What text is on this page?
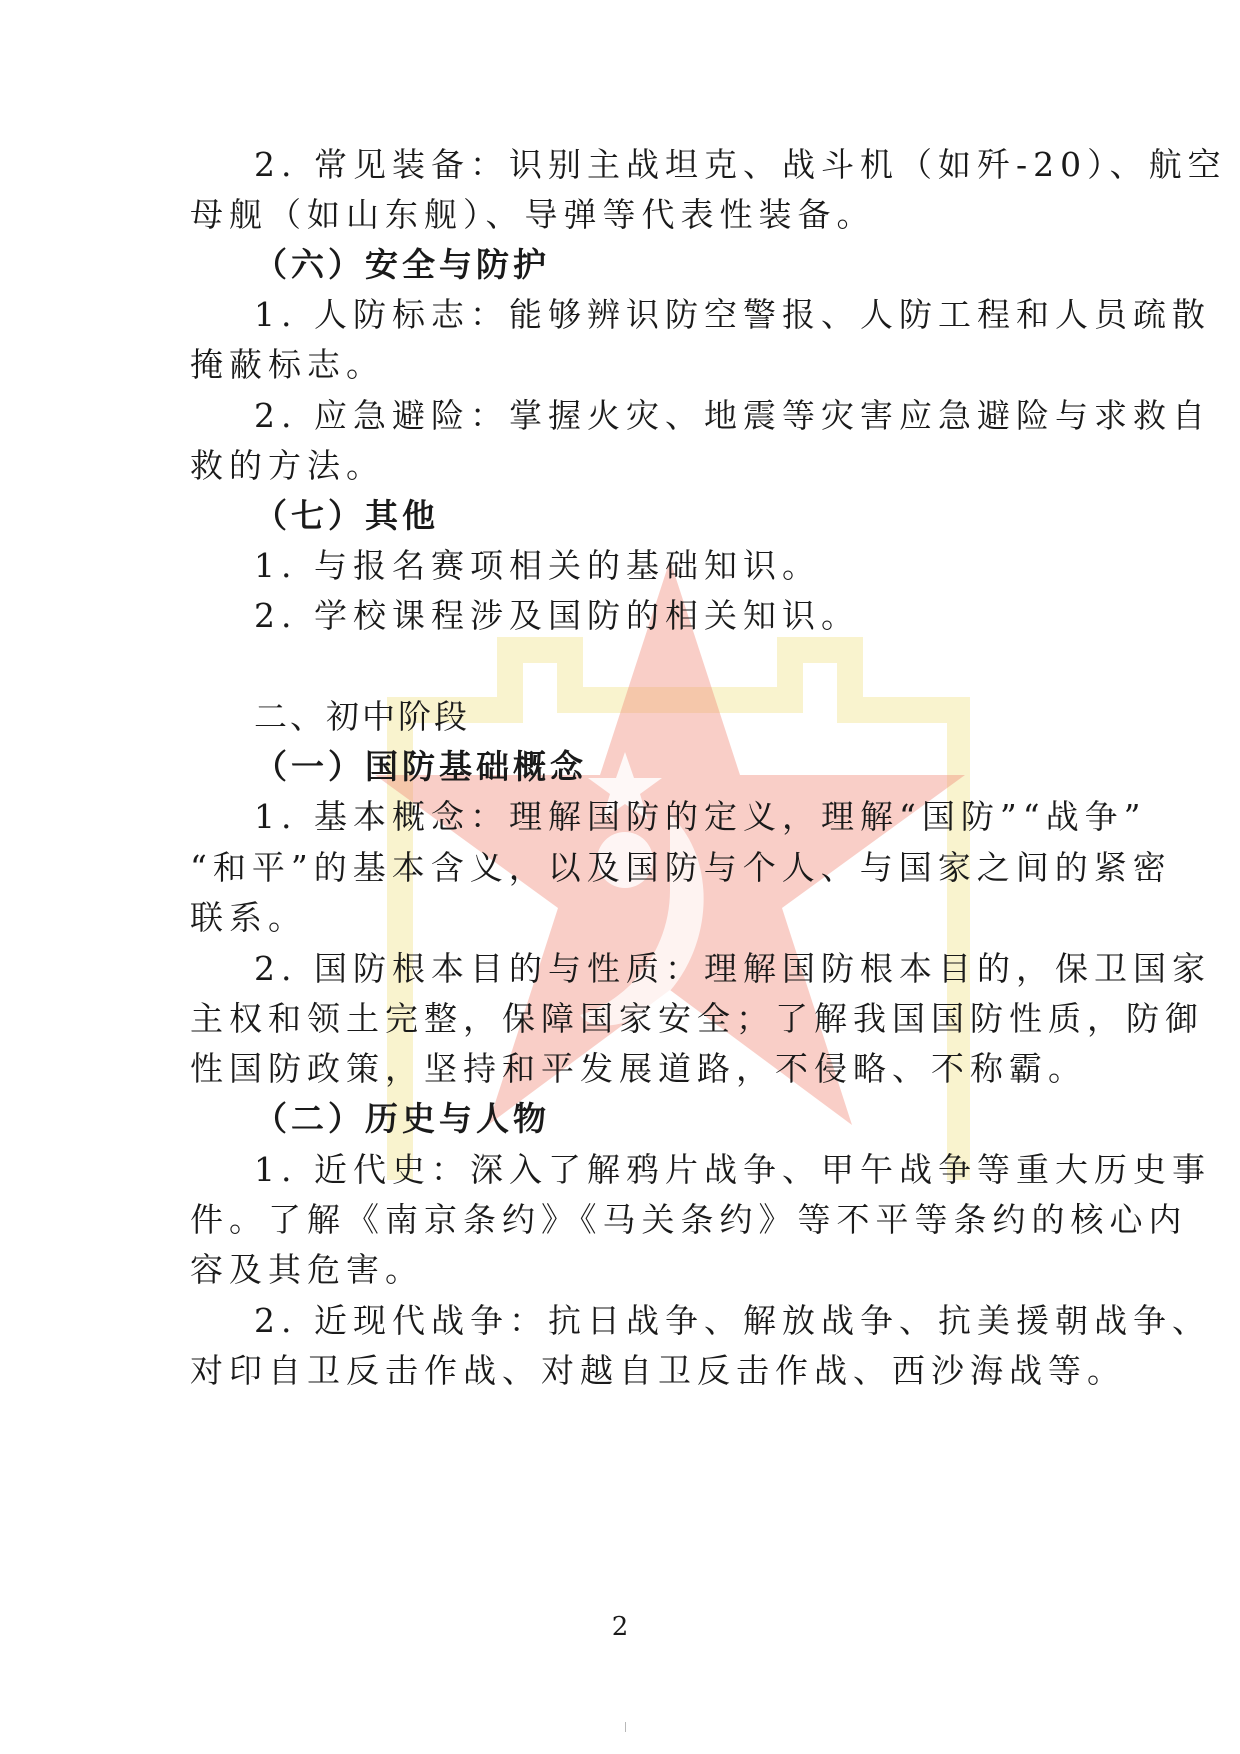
2. 常见装备：识别主战坦克、战斗机（如歼-20）、航空
母舰（如山东舰）、导弹等代表性装备。
（六）安全与防护
1. 人防标志：能够辨识防空警报、人防工程和人员疏散
掩蔽标志。
2. 应急避险：掌握火灾、地震等灾害应急避险与求救自
救的方法。
（七）其他
1. 与报名赛项相关的基础知识。
2. 学校课程涉及国防的相关知识。
二、初中阶段
（一）国防基础概念
1. 基本概念：理解国防的定义，理解“国防”“战争”
“和平”的基本含义，以及国防与个人、与国家之间的紧密
联系。
2. 国防根本目的与性质：理解国防根本目的，保卫国家
主权和领土完整，保障国家安全；了解我国国防性质，防御
性国防政策，坚持和平发展道路，不侵略、不称霸。
（二）历史与人物
1. 近代史：深入了解鸦片战争、甲午战争等重大历史事
件。了解《南京条约》《马关条约》等不平等条约的核心内
容及其危害。
2. 近现代战争：抗日战争、解放战争、抗美援朝战争、
对印自卫反击作战、对越自卫反击作战、西沙海战等。
2
